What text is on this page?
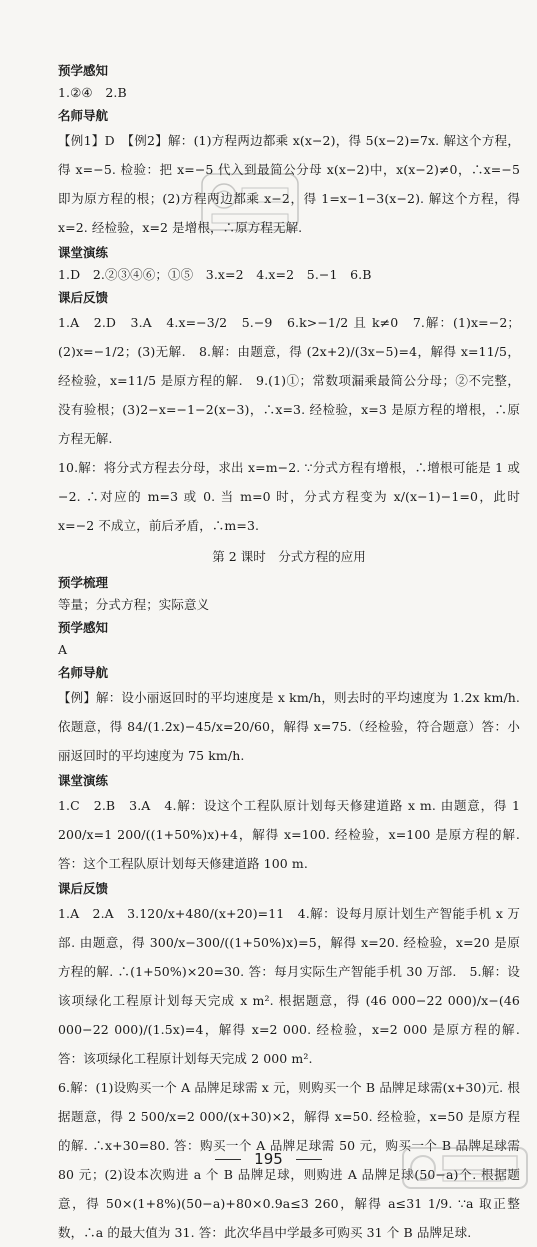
预学感知

1.②④　2.B

名师导航

【例1】D　【例2】解：(1)方程两边都乘 x(x−2)，得 5(x−2)=7x. 解这个方程，得 x=−5. 检验：把 x=−5 代入到最简公分母 x(x−2)中，x(x−2)≠0，∴x=−5 即为原方程的根；(2)方程两边都乘 x−2，得 1=x−1−3(x−2). 解这个方程，得 x=2. 经检验，x=2 是增根，∴原方程无解.

课堂演练

1.D　2.②③④⑥；①⑤　3.x=2　4.x=2　5.−1　6.B

课后反馈

1.A　2.D　3.A　4.x=−3/2　5.−9　6.k>−1/2 且 k≠0　7.解：(1)x=−2；(2)x=−1/2；(3)无解.　8.解：由题意，得 (2x+2)/(3x−5)=4，解得 x=11/5，经检验，x=11/5 是原方程的解.　9.(1)①；常数项漏乘最简公分母；②不完整，没有验根；(3)2−x=−1−2(x−3)，∴x=3. 经检验，x=3 是原方程的增根，∴原方程无解.

10.解：将分式方程去分母，求出 x=m−2. ∵分式方程有增根，∴增根可能是 1 或 −2. ∴对应的 m=3 或 0. 当 m=0 时，分式方程变为 x/(x−1)−1=0，此时 x=−2 不成立，前后矛盾，∴m=3.

第 2 课时　分式方程的应用
预学梳理

等量；分式方程；实际意义

预学感知

A

名师导航

【例】解：设小丽返回时的平均速度是 x km/h，则去时的平均速度为 1.2x km/h. 依题意，得 84/(1.2x)−45/x=20/60，解得 x=75.（经检验，符合题意）答：小丽返回时的平均速度为 75 km/h.

课堂演练

1.C　2.B　3.A　4.解：设这个工程队原计划每天修建道路 x m. 由题意，得 1 200/x=1 200/((1+50%)x)+4，解得 x=100. 经检验，x=100 是原方程的解. 答：这个工程队原计划每天修建道路 100 m.

课后反馈

1.A　2.A　3.120/x+480/(x+20)=11　4.解：设每月原计划生产智能手机 x 万部. 由题意，得 300/x−300/((1+50%)x)=5，解得 x=20. 经检验，x=20 是原方程的解. ∴(1+50%)×20=30. 答：每月实际生产智能手机 30 万部.　5.解：设该项绿化工程原计划每天完成 x m². 根据题意，得 (46 000−22 000)/x−(46 000−22 000)/(1.5x)=4，解得 x=2 000. 经检验，x=2 000 是原方程的解. 答：该项绿化工程原计划每天完成 2 000 m².

6.解：(1)设购买一个 A 品牌足球需 x 元，则购买一个 B 品牌足球需(x+30)元. 根据题意，得 2 500/x=2 000/(x+30)×2，解得 x=50. 经检验，x=50 是原方程的解. ∴x+30=80. 答：购买一个 A 品牌足球需 50 元，购买一个 B 品牌足球需 80 元；(2)设本次购进 a 个 B 品牌足球，则购进 A 品牌足球(50−a)个. 根据题意，得 50×(1+8%)(50−a)+80×0.9a≤3 260，解得 a≤31 1/9. ∵a 取正整数，∴a 的最大值为 31. 答：此次华昌中学最多可购买 31 个 B 品牌足球.

195
